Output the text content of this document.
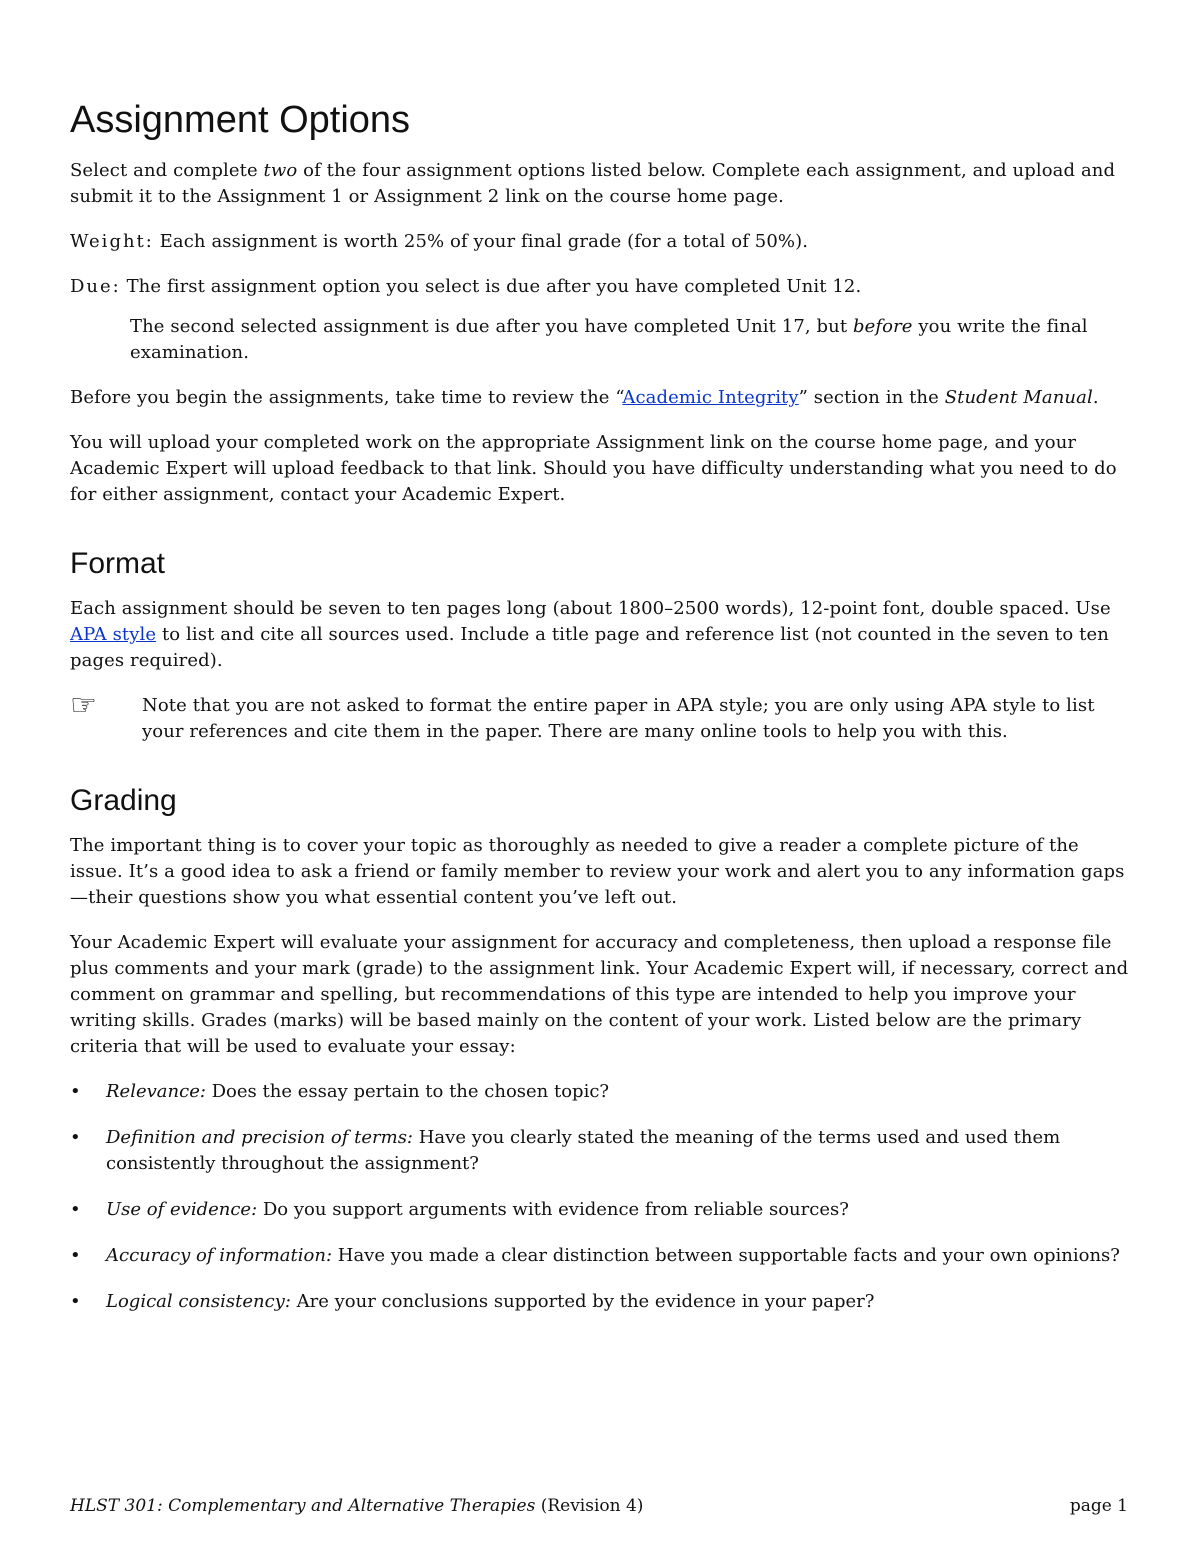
Assignment Options

Select and complete two of the four assignment options listed below. Complete each assignment, and upload and submit it to the Assignment 1 or Assignment 2 link on the course home page.

Weight: Each assignment is worth 25% of your final grade (for a total of 50%).

Due: The first assignment option you select is due after you have completed Unit 12.

The second selected assignment is due after you have completed Unit 17, but before you write the final examination.

Before you begin the assignments, take time to review the “Academic Integrity” section in the Student Manual.

You will upload your completed work on the appropriate Assignment link on the course home page, and your Academic Expert will upload feedback to that link. Should you have difficulty understanding what you need to do for either assignment, contact your Academic Expert.

Format

Each assignment should be seven to ten pages long (about 1800–2500 words), 12-point font, double spaced. Use APA style to list and cite all sources used. Include a title page and reference list (not counted in the seven to ten pages required).

☞	Note that you are not asked to format the entire paper in APA style; you are only using APA style to list your references and cite them in the paper. There are many online tools to help you with this.

Grading

The important thing is to cover your topic as thoroughly as needed to give a reader a complete picture of the issue. It’s a good idea to ask a friend or family member to review your work and alert you to any information gaps—their questions show you what essential content you’ve left out.

Your Academic Expert will evaluate your assignment for accuracy and completeness, then upload a response file plus comments and your mark (grade) to the assignment link. Your Academic Expert will, if necessary, correct and comment on grammar and spelling, but recommendations of this type are intended to help you improve your writing skills. Grades (marks) will be based mainly on the content of your work. Listed below are the primary criteria that will be used to evaluate your essay:

• Relevance: Does the essay pertain to the chosen topic?
• Definition and precision of terms: Have you clearly stated the meaning of the terms used and used them consistently throughout the assignment?
• Use of evidence: Do you support arguments with evidence from reliable sources?
• Accuracy of information: Have you made a clear distinction between supportable facts and your own opinions?
• Logical consistency: Are your conclusions supported by the evidence in your paper?
HLST 301: Complementary and Alternative Therapies (Revision 4)	page 1
